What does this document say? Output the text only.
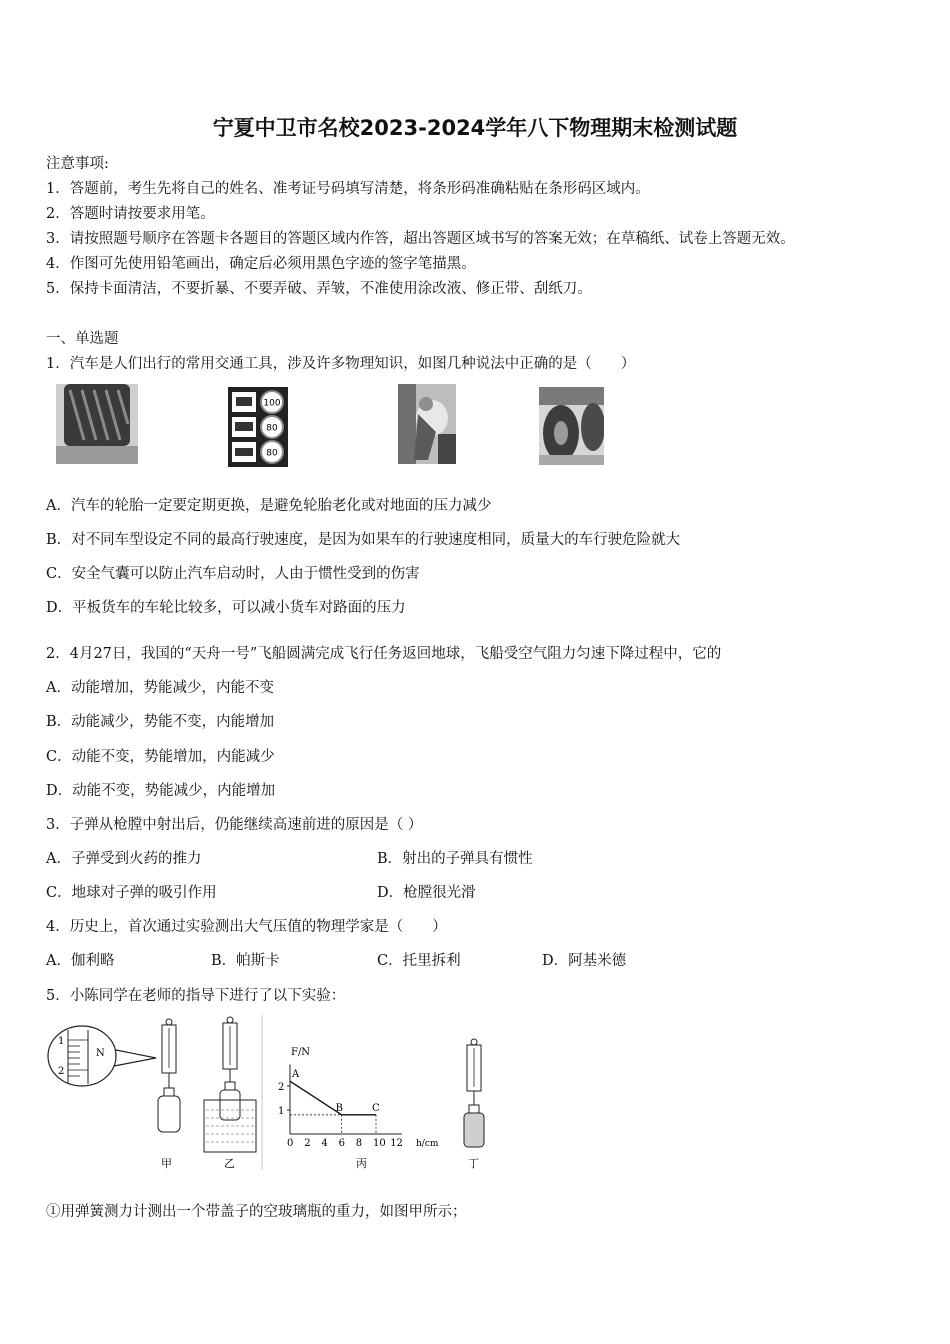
宁夏中卫市名校2023-2024学年八下物理期末检测试题
注意事项:
1．答题前，考生先将自己的姓名、准考证号码填写清楚，将条形码准确粘贴在条形码区域内。
2．答题时请按要求用笔。
3．请按照题号顺序在答题卡各题目的答题区域内作答，超出答题区域书写的答案无效；在草稿纸、试卷上答题无效。
4．作图可先使用铅笔画出，确定后必须用黑色字迹的签字笔描黑。
5．保持卡面清洁，不要折暴、不要弄破、弄皱，不准使用涂改液、修正带、刮纸刀。
一、单选题
1．汽车是人们出行的常用交通工具，涉及许多物理知识，如图几种说法中正确的是（　　）
100
80
80
A．汽车的轮胎一定要定期更换，是避免轮胎老化或对地面的压力减少
B．对不同车型设定不同的最高行驶速度，是因为如果车的行驶速度相同，质量大的车行驶危险就大
C．安全气囊可以防止汽车启动时，人由于惯性受到的伤害
D．平板货车的车轮比较多，可以减小货车对路面的压力
2．4月27日，我国的“天舟一号”飞船圆满完成飞行任务返回地球，飞船受空气阻力匀速下降过程中，它的
A．动能增加，势能减少，内能不变
B．动能减少，势能不变，内能增加
C．动能不变，势能增加，内能减少
D．动能不变，势能减少，内能增加
3．子弹从枪膛中射出后，仍能继续高速前进的原因是（ ）
A．子弹受到火药的推力	B．射出的子弹具有惯性
C．地球对子弹的吸引作用	D．枪膛很光滑
4．历史上，首次通过实验测出大气压值的物理学家是（　　）
A．伽利略	B．帕斯卡	C．托里拆利	D．阿基米德
5．小陈同学在老师的指导下进行了以下实验：
1
2
N
甲	乙
0 2 4 6 8 10 12
1
2
A
B	C
F/N
h/cm
丙	丁
①用弹簧测力计测出一个带盖子的空玻璃瓶的重力，如图甲所示；
